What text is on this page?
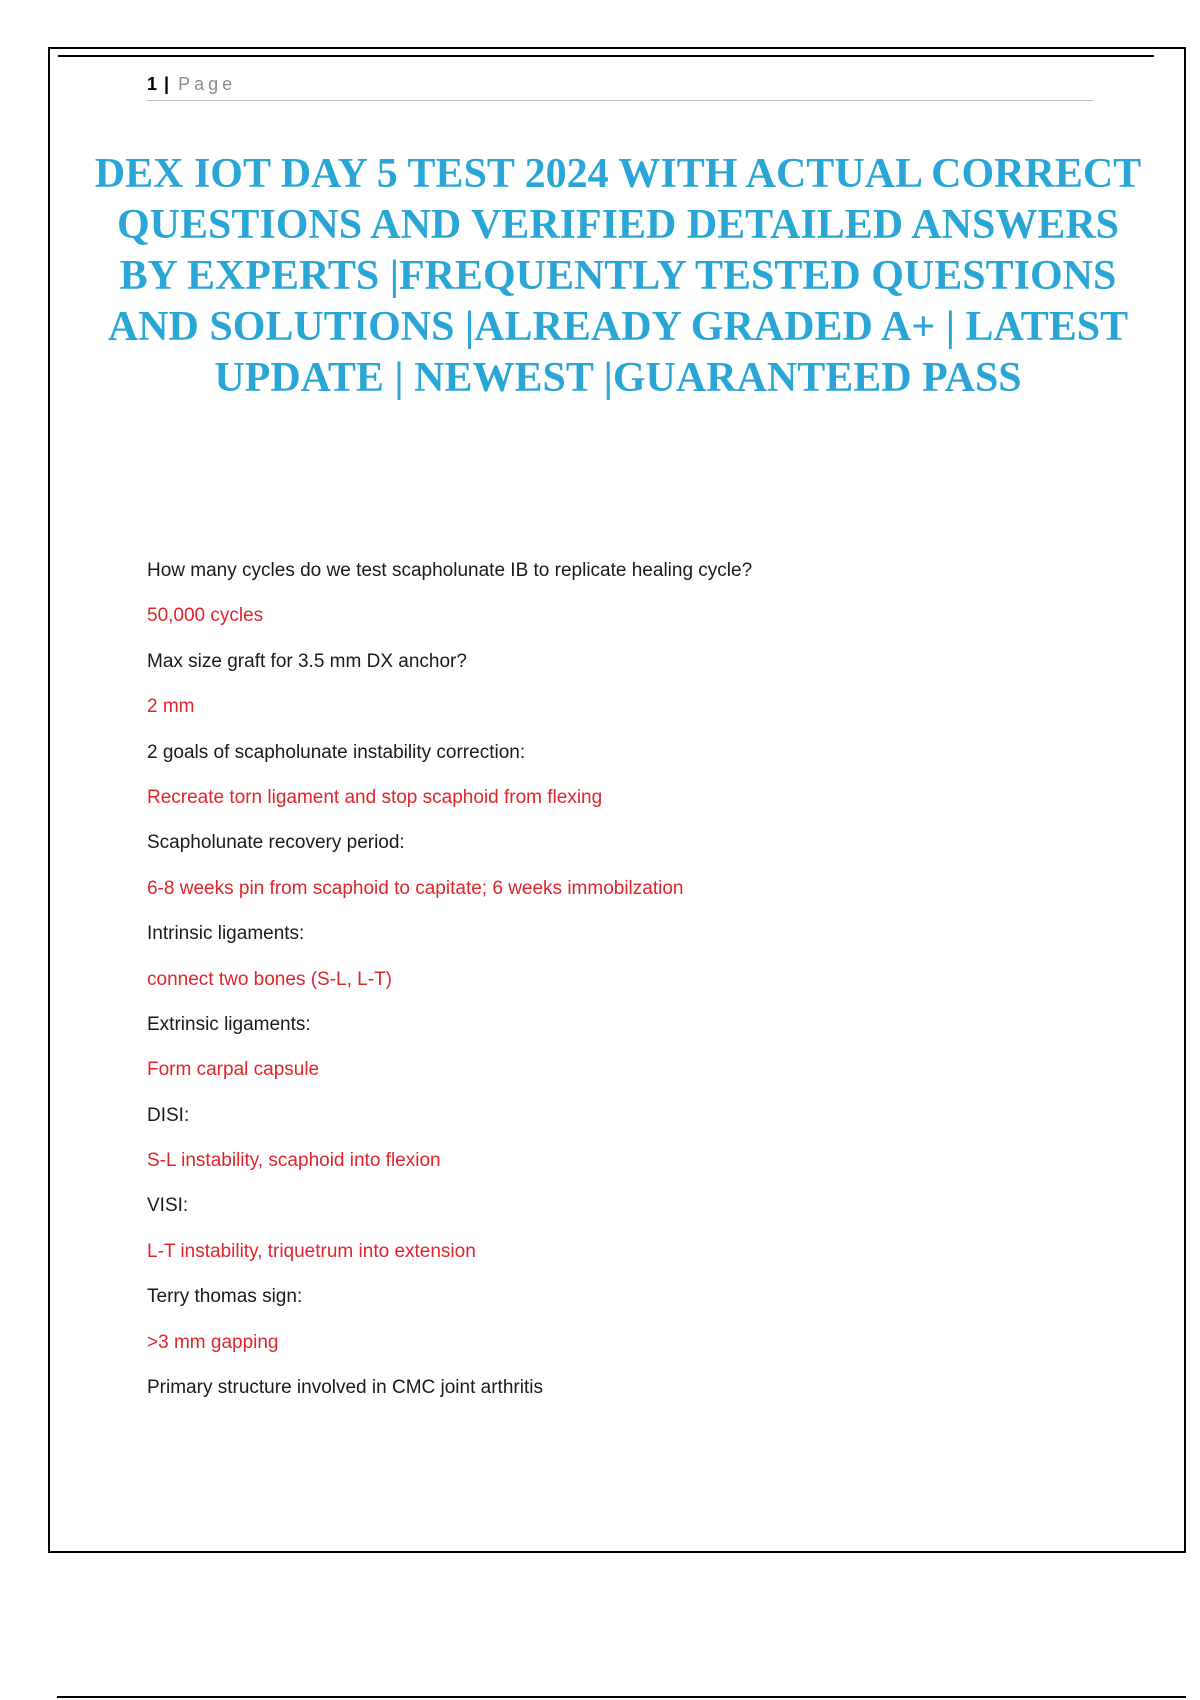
1 | Page
DEX IOT DAY 5 TEST 2024 WITH ACTUAL CORRECT QUESTIONS AND VERIFIED DETAILED ANSWERS BY EXPERTS |FREQUENTLY TESTED QUESTIONS AND SOLUTIONS |ALREADY GRADED A+ | LATEST UPDATE | NEWEST |GUARANTEED PASS
How many cycles do we test scapholunate IB to replicate healing cycle?
50,000 cycles
Max size graft for 3.5 mm DX anchor?
2 mm
2 goals of scapholunate instability correction:
Recreate torn ligament and stop scaphoid from flexing
Scapholunate recovery period:
6-8 weeks pin from scaphoid to capitate; 6 weeks immobilzation
Intrinsic ligaments:
connect two bones (S-L, L-T)
Extrinsic ligaments:
Form carpal capsule
DISI:
S-L instability, scaphoid into flexion
VISI:
L-T instability, triquetrum into extension
Terry thomas sign:
>3 mm gapping
Primary structure involved in CMC joint arthritis
